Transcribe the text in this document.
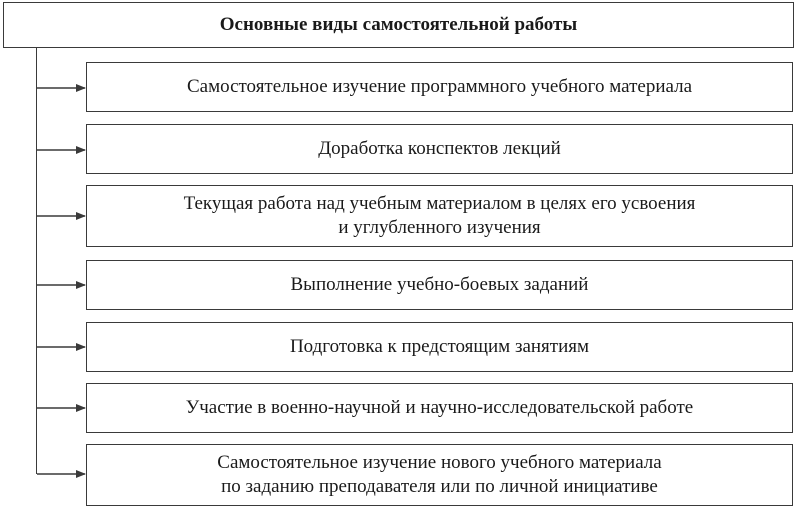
Основные виды самостоятельной работы
Самостоятельное изучение программного учебного материала
Доработка конспектов лекций
Текущая работа над учебным материалом в целях его усвоения
и углубленного изучения
Выполнение учебно-боевых заданий
Подготовка к предстоящим занятиям
Участие в военно-научной и научно-исследовательской работе
Самостоятельное изучение нового учебного материала
по заданию преподавателя или по личной инициативе
